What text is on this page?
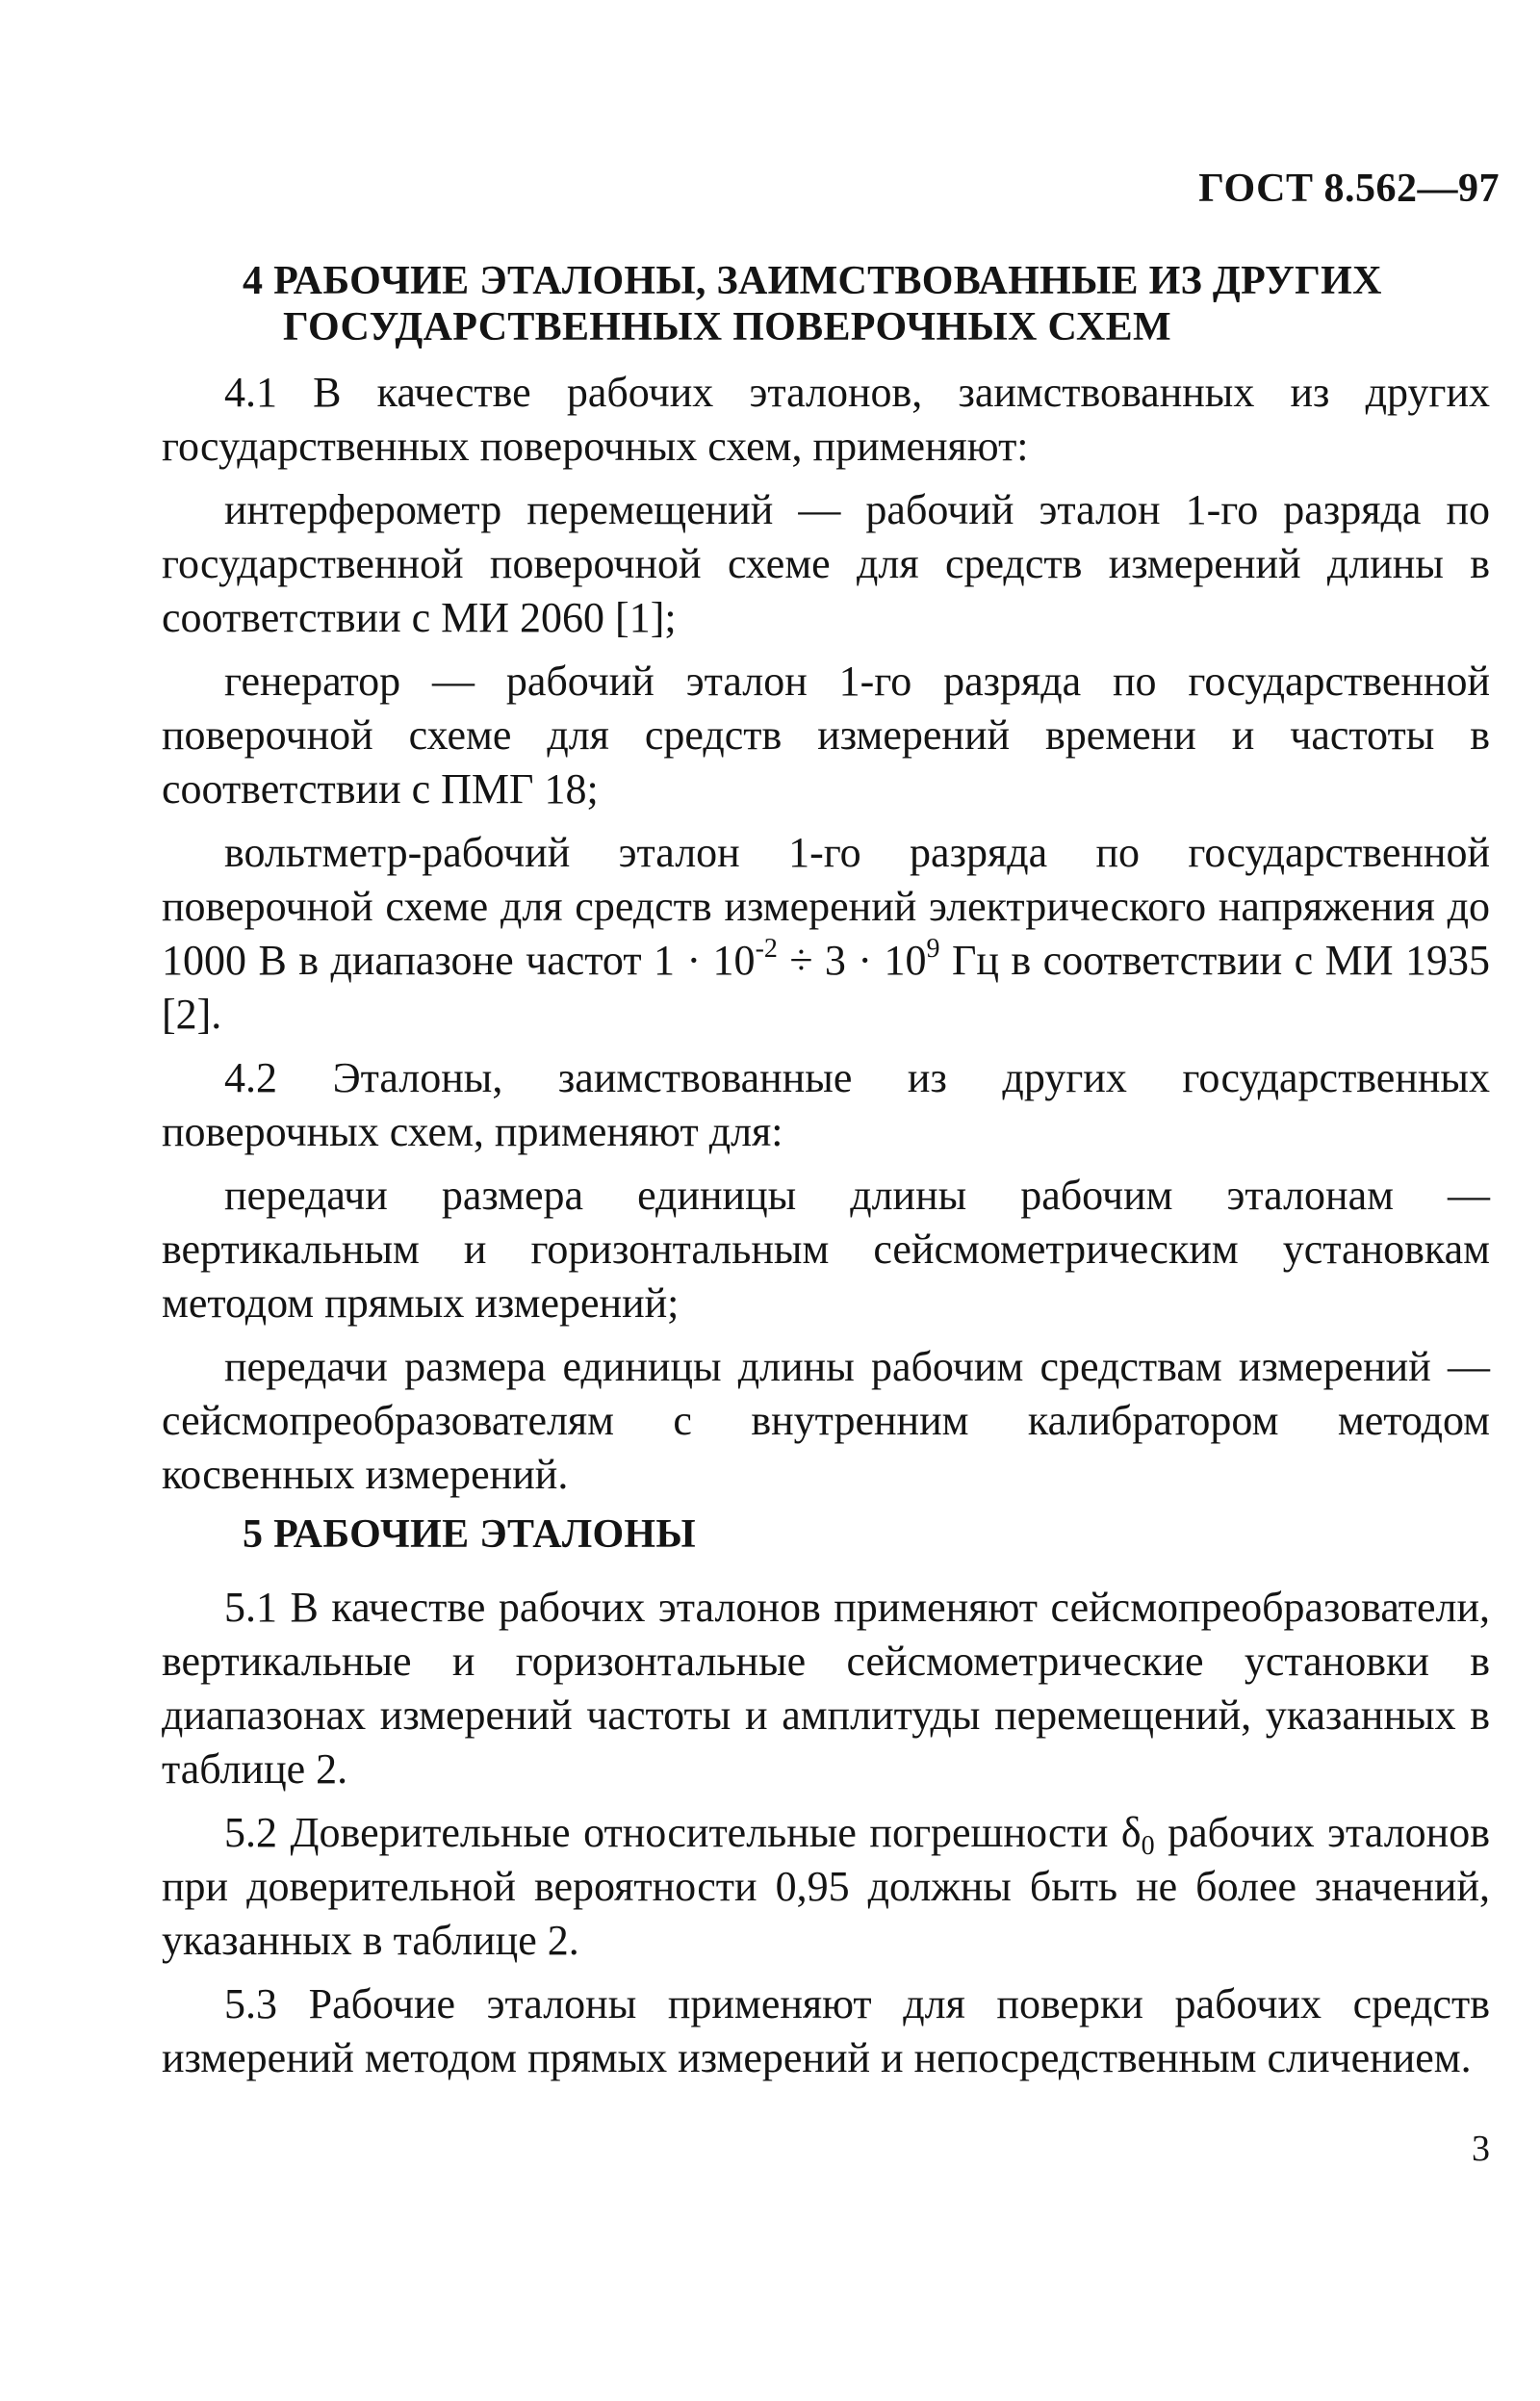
ГОСТ 8.562—97
4 РАБОЧИЕ ЭТАЛОНЫ, ЗАИМСТВОВАННЫЕ ИЗ ДРУГИХ
ГОСУДАРСТВЕННЫХ ПОВЕРОЧНЫХ СХЕМ

4.1 В качестве рабочих эталонов, заимствованных из других государственных поверочных схем, применяют:

интерферометр перемещений — рабочий эталон 1-го разряда по государственной поверочной схеме для средств измерений длины в соответствии с МИ 2060 [1];

генератор — рабочий эталон 1-го разряда по государственной поверочной схеме для средств измерений времени и частоты в соответствии с ПМГ 18;

вольтметр-рабочий эталон 1-го разряда по государственной поверочной схеме для средств измерений электрического напряжения до 1000 В в диапазоне частот $1 \cdot 10^{-2} \div 3 \cdot 10^9$ Гц в соответствии с МИ 1935 [2].

4.2 Эталоны, заимствованные из других государственных поверочных схем, применяют для:

передачи размера единицы длины рабочим эталонам — вертикальным и горизонтальным сейсмометрическим установкам методом прямых измерений;

передачи размера единицы длины рабочим средствам измерений — сейсмопреобразователям с внутренним калибратором методом косвенных измерений.

5 РАБОЧИЕ ЭТАЛОНЫ

5.1 В качестве рабочих эталонов применяют сейсмопреобразователи, вертикальные и горизонтальные сейсмометрические установки в диапазонах измерений частоты и амплитуды перемещений, указанных в таблице 2.

5.2 Доверительные относительные погрешности $\delta_0$ рабочих эталонов при доверительной вероятности 0,95 должны быть не более значений, указанных в таблице 2.

5.3 Рабочие эталоны применяют для поверки рабочих средств измерений методом прямых измерений и непосредственным сличением.

3
